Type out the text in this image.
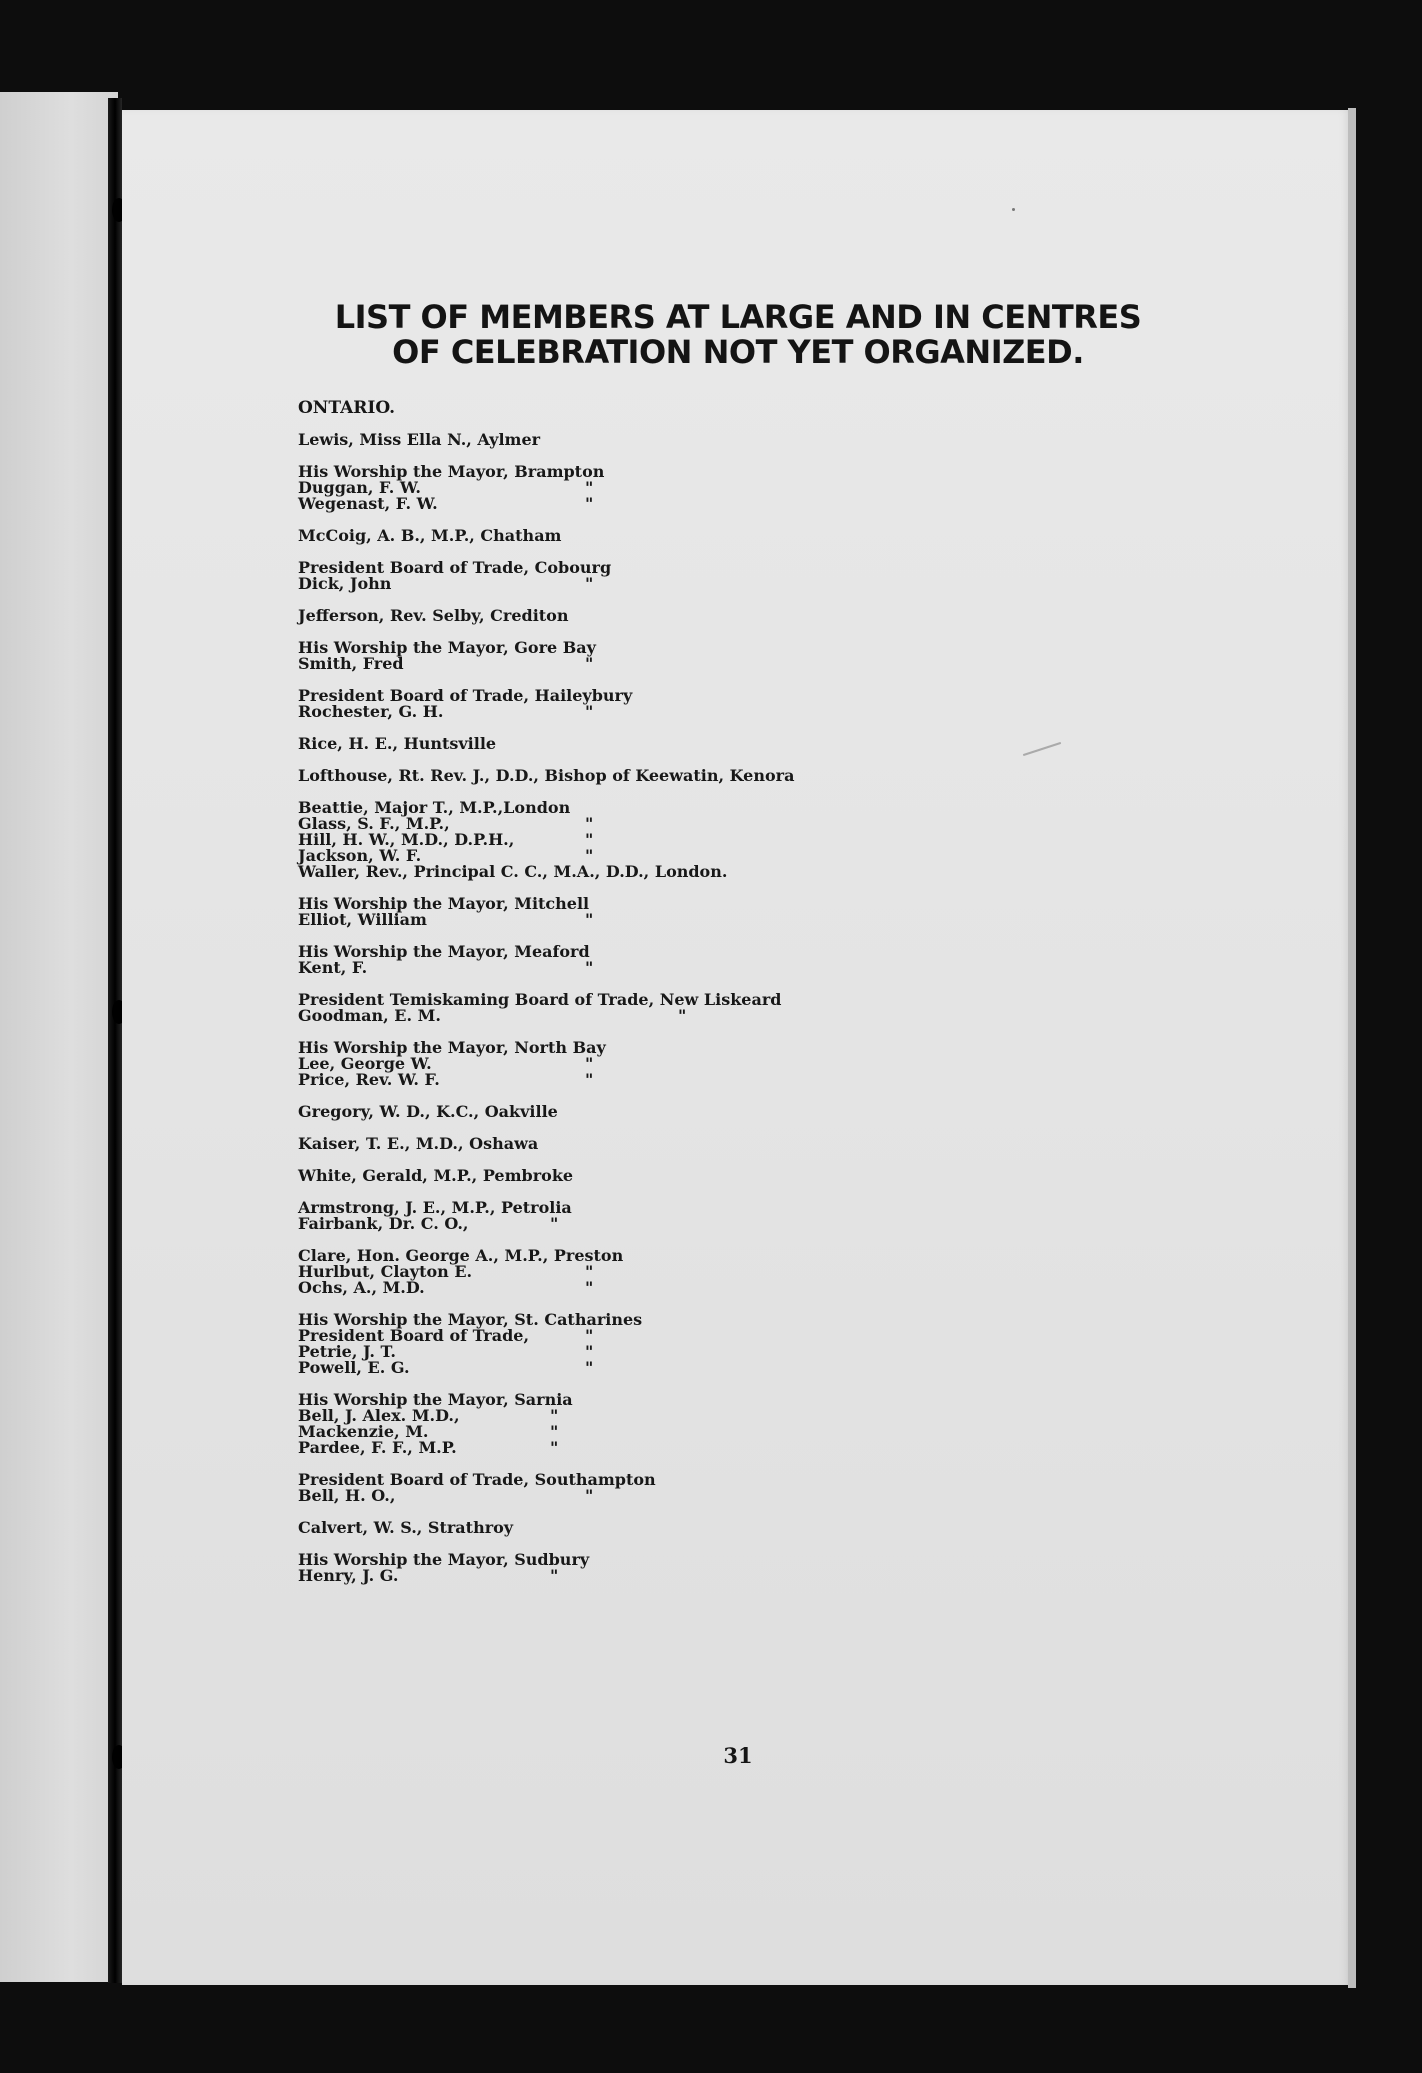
LIST OF MEMBERS AT LARGE AND IN CENTRES
OF CELEBRATION NOT YET ORGANIZED.
ONTARIO.
Lewis, Miss Ella N., Aylmer
His Worship the Mayor, Brampton
Duggan, F. W.	"
Wegenast, F. W.	"
McCoig, A. B., M.P., Chatham
President Board of Trade, Cobourg
Dick, John	"
Jefferson, Rev. Selby, Crediton
His Worship the Mayor, Gore Bay
Smith, Fred	"
President Board of Trade, Haileybury
Rochester, G. H.	"
Rice, H. E., Huntsville
Lofthouse, Rt. Rev. J., D.D., Bishop of Keewatin, Kenora
Beattie, Major T., M.P.,London
Glass, S. F., M.P.,	"
Hill, H. W., M.D., D.P.H.,	"
Jackson, W. F.	"
Waller, Rev., Principal C. C., M.A., D.D., London.
His Worship the Mayor, Mitchell
Elliot, William	"
His Worship the Mayor, Meaford
Kent, F.	"
President Temiskaming Board of Trade, New Liskeard
Goodman, E. M.	"
His Worship the Mayor, North Bay
Lee, George W.	"
Price, Rev. W. F.	"
Gregory, W. D., K.C., Oakville
Kaiser, T. E., M.D., Oshawa
White, Gerald, M.P., Pembroke
Armstrong, J. E., M.P., Petrolia
Fairbank, Dr. C. O.,	"
Clare, Hon. George A., M.P., Preston
Hurlbut, Clayton E.	"
Ochs, A., M.D.	"
His Worship the Mayor, St. Catharines
President Board of Trade,	"
Petrie, J. T.	"
Powell, E. G.	"
His Worship the Mayor, Sarnia
Bell, J. Alex. M.D.,	"
Mackenzie, M.	"
Pardee, F. F., M.P.	"
President Board of Trade, Southampton
Bell, H. O.,	"
Calvert, W. S., Strathroy
His Worship the Mayor, Sudbury
Henry, J. G.	"
31
